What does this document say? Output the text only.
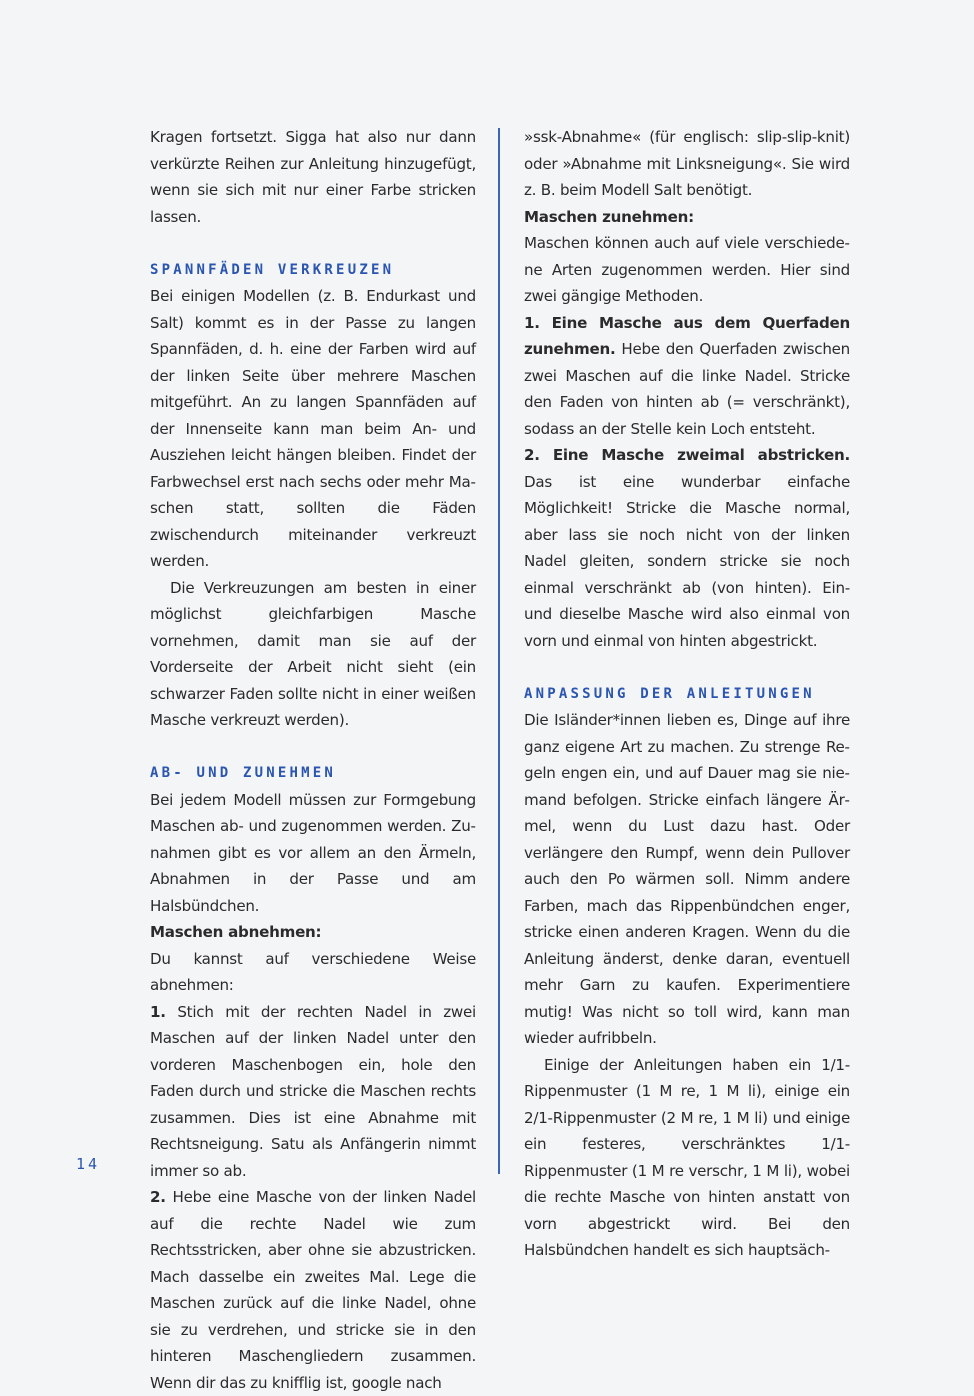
Kragen fortsetzt. Sigga hat also nur dann verkürzte Reihen zur Anleitung hinzugefügt, wenn sie sich mit nur einer Farbe stricken lassen.

SPANNFÄDEN VERKREUZEN

Bei einigen Modellen (z. B. Endurkast und Salt) kommt es in der Passe zu langen Spannfäden, d. h. eine der Farben wird auf der linken Seite über mehrere Maschen mitgeführt. An zu langen Spannfäden auf der Innenseite kann man beim An- und Ausziehen leicht hängen bleiben. Findet der Farbwechsel erst nach sechs oder mehr Maschen statt, sollten die Fäden zwischendurch miteinander verkreuzt werden.

Die Verkreuzungen am besten in einer möglichst gleichfarbigen Masche vornehmen, damit man sie auf der Vorderseite der Arbeit nicht sieht (ein schwarzer Faden sollte nicht in einer weißen Masche verkreuzt werden).

AB- UND ZUNEHMEN

Bei jedem Modell müssen zur Formgebung Maschen ab- und zugenommen werden. Zunahmen gibt es vor allem an den Ärmeln, Abnahmen in der Passe und am Halsbündchen.

Maschen abnehmen:

Du kannst auf verschiedene Weise abnehmen:

1. Stich mit der rechten Nadel in zwei Maschen auf der linken Nadel unter den vorderen Maschenbogen ein, hole den Faden durch und stricke die Maschen rechts zusammen. Dies ist eine Abnahme mit Rechtsneigung. Satu als Anfängerin nimmt immer so ab.

2. Hebe eine Masche von der linken Nadel auf die rechte Nadel wie zum Rechtsstricken, aber ohne sie abzustricken. Mach dasselbe ein zweites Mal. Lege die Maschen zurück auf die linke Nadel, ohne sie zu verdrehen, und stricke sie in den hinteren Maschengliedern zusammen. Wenn dir das zu knifflig ist, google nach

»ssk-Abnahme« (für englisch: slip-slip-knit) oder »Abnahme mit Linksneigung«. Sie wird z. B. beim Modell Salt benötigt.

Maschen zunehmen:

Maschen können auch auf viele verschiedene Arten zugenommen werden. Hier sind zwei gängige Methoden.

1. Eine Masche aus dem Querfaden zunehmen. Hebe den Querfaden zwischen zwei Maschen auf die linke Nadel. Stricke den Faden von hinten ab (= verschränkt), sodass an der Stelle kein Loch entsteht.

2. Eine Masche zweimal abstricken. Das ist eine wunderbar einfache Möglichkeit! Stricke die Masche normal, aber lass sie noch nicht von der linken Nadel gleiten, sondern stricke sie noch einmal verschränkt ab (von hinten). Ein- und dieselbe Masche wird also einmal von vorn und einmal von hinten abgestrickt.

ANPASSUNG DER ANLEITUNGEN

Die Isländer*innen lieben es, Dinge auf ihre ganz eigene Art zu machen. Zu strenge Regeln engen ein, und auf Dauer mag sie niemand befolgen. Stricke einfach längere Ärmel, wenn du Lust dazu hast. Oder verlängere den Rumpf, wenn dein Pullover auch den Po wärmen soll. Nimm andere Farben, mach das Rippenbündchen enger, stricke einen anderen Kragen. Wenn du die Anleitung änderst, denke daran, eventuell mehr Garn zu kaufen. Experimentiere mutig! Was nicht so toll wird, kann man wieder aufribbeln.

Einige der Anleitungen haben ein 1/1-Rippenmuster (1 M re, 1 M li), einige ein 2/1-Rippenmuster (2 M re, 1 M li) und einige ein festeres, verschränktes 1/1-Rippenmuster (1 M re verschr, 1 M li), wobei die rechte Masche von hinten anstatt von vorn abgestrickt wird. Bei den Halsbündchen handelt es sich hauptsäch-

14
